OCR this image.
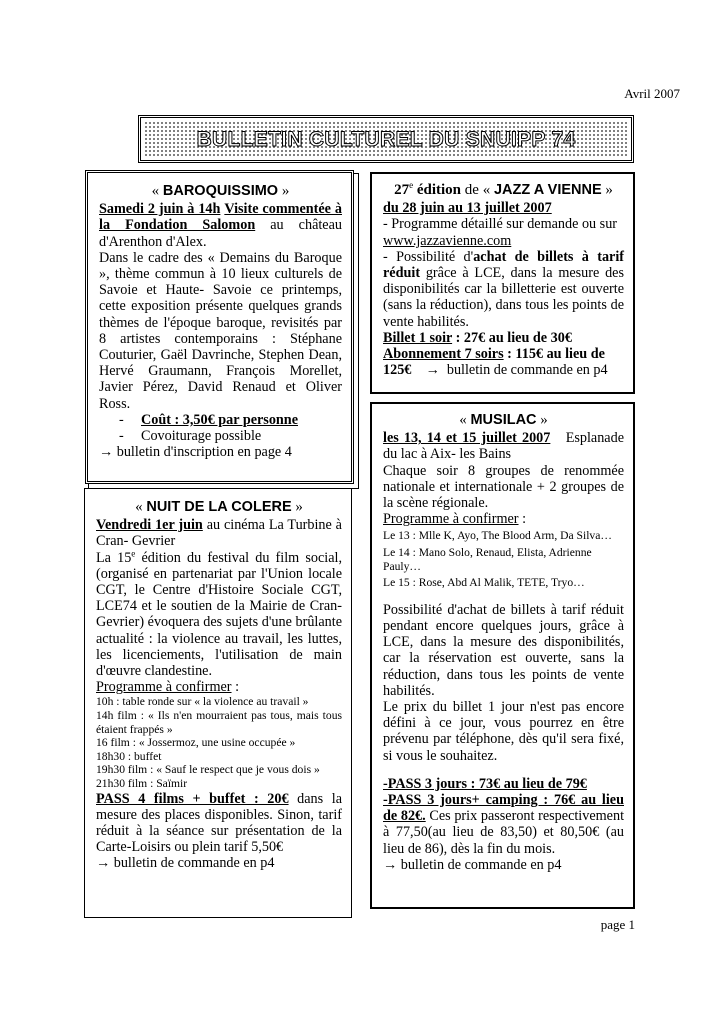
Avril 2007
BULLETIN CULTUREL DU SNUIPP 74
« BAROQUISSIMO »

Samedi 2 juin à 14h Visite commentée à la Fondation Salomon au château d'Arenthon d'Alex.

Dans le cadre des « Demains du Baroque », thème commun à 10 lieux culturels de Savoie et Haute- Savoie ce printemps, cette exposition présente quelques grands thèmes de l'époque baroque, revisités par 8 artistes contemporains : Stéphane Couturier, Gaël Davrinche, Stephen Dean, Hervé Graumann, François Morellet, Javier Pérez, David Renaud et Oliver Ross.

- Coût : 3,50€ par personne

- Covoiturage possible

→ bulletin d'inscription en page 4

« NUIT DE LA COLERE »

Vendredi 1er juin au cinéma La Turbine à Cran- Gevrier

La 15e édition du festival du film social, (organisé en partenariat par l'Union locale CGT, le Centre d'Histoire Sociale CGT, LCE74 et le soutien de la Mairie de Cran-Gevrier) évoquera des sujets d'une brûlante actualité : la violence au travail, les luttes, les licenciements, l'utilisation de main d'œuvre clandestine.

Programme à confirmer :

10h : table ronde sur « la violence au travail »

14h film : « Ils n'en mourraient pas tous, mais tous étaient frappés »

16 film : « Jossermoz, une usine occupée »

18h30 : buffet

19h30 film : « Sauf le respect que je vous dois »

21h30 film : Saïmir

PASS 4 films + buffet : 20€ dans la mesure des places disponibles. Sinon, tarif réduit à la séance sur présentation de la Carte-Loisirs ou plein tarif 5,50€

→ bulletin de commande en p4

27e édition de « JAZZ A VIENNE »

du 28 juin au 13 juillet 2007

- Programme détaillé sur demande ou sur

www.jazzavienne.com

- Possibilité d'achat de billets à tarif réduit grâce à LCE, dans la mesure des disponibilités car la billetterie est ouverte (sans la réduction), dans tous les points de vente habilités.

Billet 1 soir : 27€ au lieu de 30€

Abonnement 7 soirs : 115€ au lieu de 125€    →  bulletin de commande en p4

« MUSILAC »

les 13, 14 et 15 juillet 2007   Esplanade du lac à Aix- les Bains

Chaque soir 8 groupes de renommée nationale et internationale + 2 groupes de la scène régionale.

Programme à confirmer :

Le 13 : Mlle K, Ayo, The Blood Arm, Da Silva…

Le 14 : Mano Solo, Renaud, Elista, Adrienne Pauly…

Le 15 : Rose, Abd Al Malik, TETE, Tryo…

Possibilité d'achat de billets à tarif réduit pendant encore quelques jours, grâce à LCE, dans la mesure des disponibilités, car la réservation est ouverte, sans la réduction, dans tous les points de vente habilités.

Le prix du billet 1 jour n'est pas encore défini à ce jour, vous pourrez en être prévenu par téléphone, dès qu'il sera fixé, si vous le souhaitez.

-PASS 3 jours : 73€ au lieu de 79€

-PASS 3 jours+ camping : 76€ au lieu de 82€. Ces prix passeront respectivement à 77,50(au lieu de 83,50) et 80,50€ (au lieu de 86), dès la fin du mois.

→ bulletin de commande en p4

page 1
